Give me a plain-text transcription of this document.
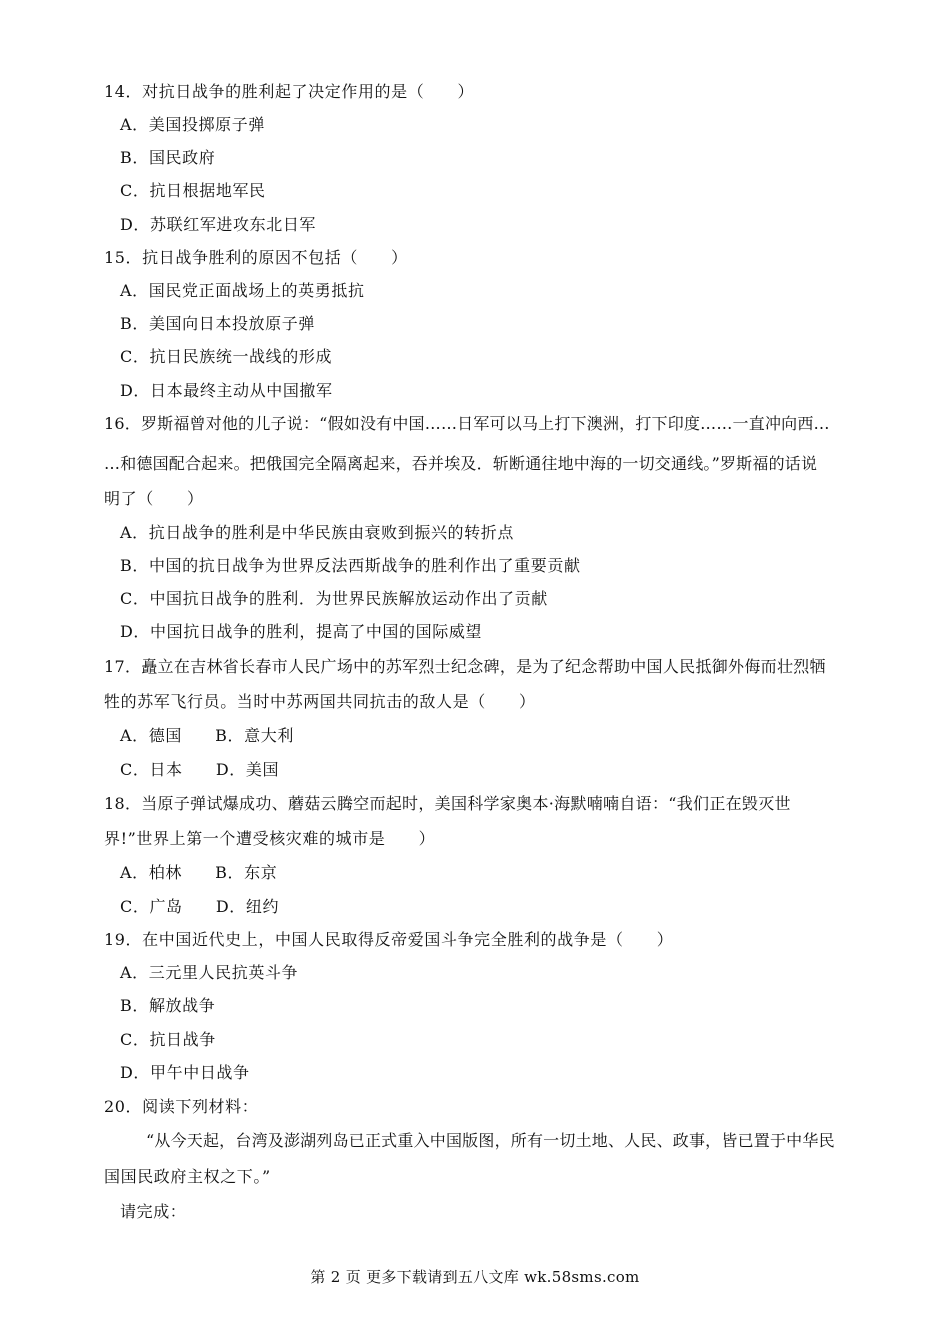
14．对抗日战争的胜利起了决定作用的是（　　）
A．美国投掷原子弹
B．国民政府
C．抗日根据地军民
D．苏联红军进攻东北日军
15．抗日战争胜利的原因不包括（　　）
A．国民党正面战场上的英勇抵抗
B．美国向日本投放原子弹
C．抗日民族统一战线的形成
D．日本最终主动从中国撤军
16．罗斯福曾对他的儿子说：“假如没有中国……日军可以马上打下澳洲，打下印度……一直冲向西…
…和德国配合起来。把俄国完全隔离起来，吞并埃及．斩断通往地中海的一切交通线。”罗斯福的话说
明了（　　）
A．抗日战争的胜利是中华民族由衰败到振兴的转折点
B．中国的抗日战争为世界反法西斯战争的胜利作出了重要贡献
C．中国抗日战争的胜利．为世界民族解放运动作出了贡献
D．中国抗日战争的胜利，提高了中国的国际威望
17．矗立在吉林省长春市人民广场中的苏军烈士纪念碑，是为了纪念帮助中国人民抵御外侮而壮烈牺
牲的苏军飞行员。当时中苏两国共同抗击的敌人是（　　）
A．德国　　B．意大利
C．日本　　D．美国
18．当原子弹试爆成功、蘑菇云腾空而起时，美国科学家奥本·海默喃喃自语：“我们正在毁灭世
界!”世界上第一个遭受核灾难的城市是　　）
A．柏林　　B．东京
C．广岛　　D．纽约
19．在中国近代史上，中国人民取得反帝爱国斗争完全胜利的战争是（　　）
A．三元里人民抗英斗争
B．解放战争
C．抗日战争
D．甲午中日战争
20．阅读下列材料：
“从今天起，台湾及澎湖列岛已正式重入中国版图，所有一切土地、人民、政事，皆已置于中华民
国国民政府主权之下。”
请完成：
第 2 页 更多下载请到五八文库 wk.58sms.com
